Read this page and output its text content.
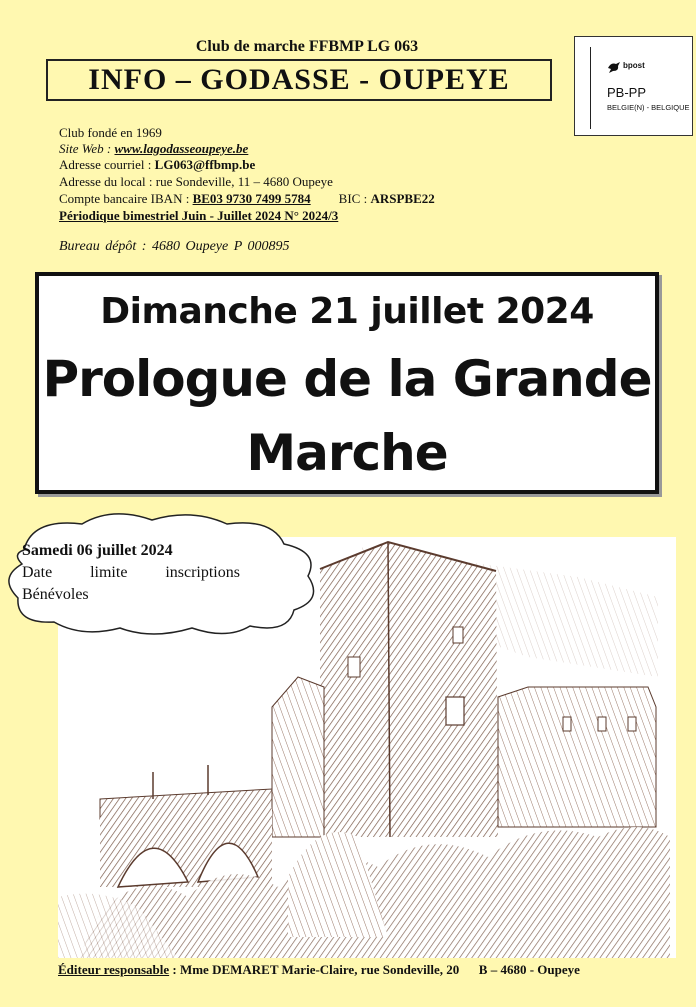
Club de marche FFBMP LG 063
INFO – GODASSE - OUPEYE	bpost
PB-PP
BELGIE(N) - BELGIQUE
Club fondé en 1969
Site Web : www.lagodasseoupeye.be
Adresse courriel : LG063@ffbmp.be
Adresse du local : rue Sondeville, 11 – 4680 Oupeye
Compte bancaire IBAN : BE03 9730 7499 5784 BIC : ARSPBE22
Périodique bimestriel Juin - Juillet 2024 N° 2024/3
Bureau dépôt : 4680 Oupeye P 000895
Dimanche 21 juillet 2024
Prologue de la Grande
Marche
Samedi 06 juillet 2024
Date limite inscriptions
Bénévoles
Éditeur responsable : Mme DEMARET Marie-Claire, rue Sondeville, 20      B – 4680 - Oupeye
